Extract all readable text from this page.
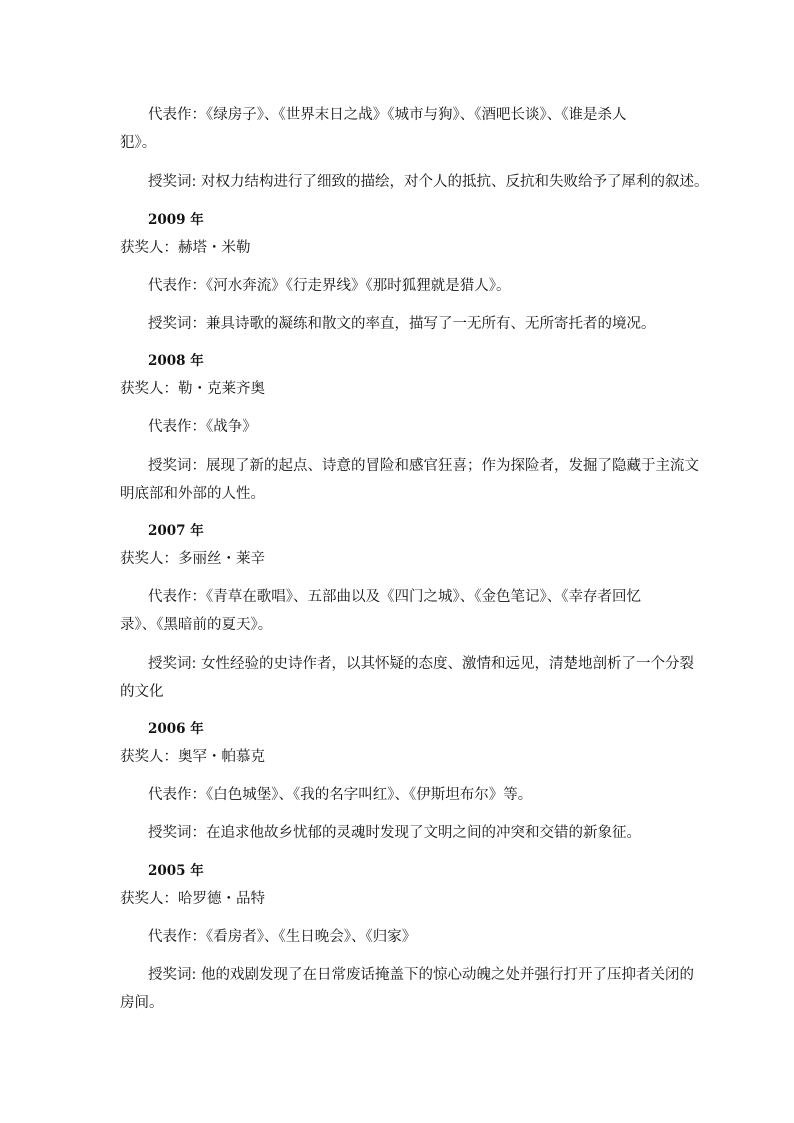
代表作：《绿房子》、《世界末日之战》《城市与狗》、《酒吧长谈》、《谁是杀人
犯》。
授奖词: 对权力结构进行了细致的描绘，对个人的抵抗、反抗和失败给予了犀利的叙述。
2009 年
获奖人：赫塔・米勒
代表作：《河水奔流》《行走界线》《那时狐狸就是猎人》。
授奖词：兼具诗歌的凝练和散文的率直，描写了一无所有、无所寄托者的境况。
2008 年
获奖人：勒・克莱齐奥
代表作：《战争》
授奖词：展现了新的起点、诗意的冒险和感官狂喜；作为探险者，发掘了隐藏于主流文
明底部和外部的人性。
2007 年
获奖人：多丽丝・莱辛
代表作：《青草在歌唱》、五部曲以及《四门之城》、《金色笔记》、《幸存者回忆
录》、《黑暗前的夏天》。
授奖词: 女性经验的史诗作者，以其怀疑的态度、激情和远见，清楚地剖析了一个分裂
的文化
2006 年
获奖人：奥罕・帕慕克
代表作：《白色城堡》、《我的名字叫红》、《伊斯坦布尔》等。
授奖词：在追求他故乡忧郁的灵魂时发现了文明之间的冲突和交错的新象征。
2005 年
获奖人：哈罗德・品特
代表作：《看房者》、《生日晚会》、《归家》
授奖词: 他的戏剧发现了在日常废话掩盖下的惊心动魄之处并强行打开了压抑者关闭的
房间。
